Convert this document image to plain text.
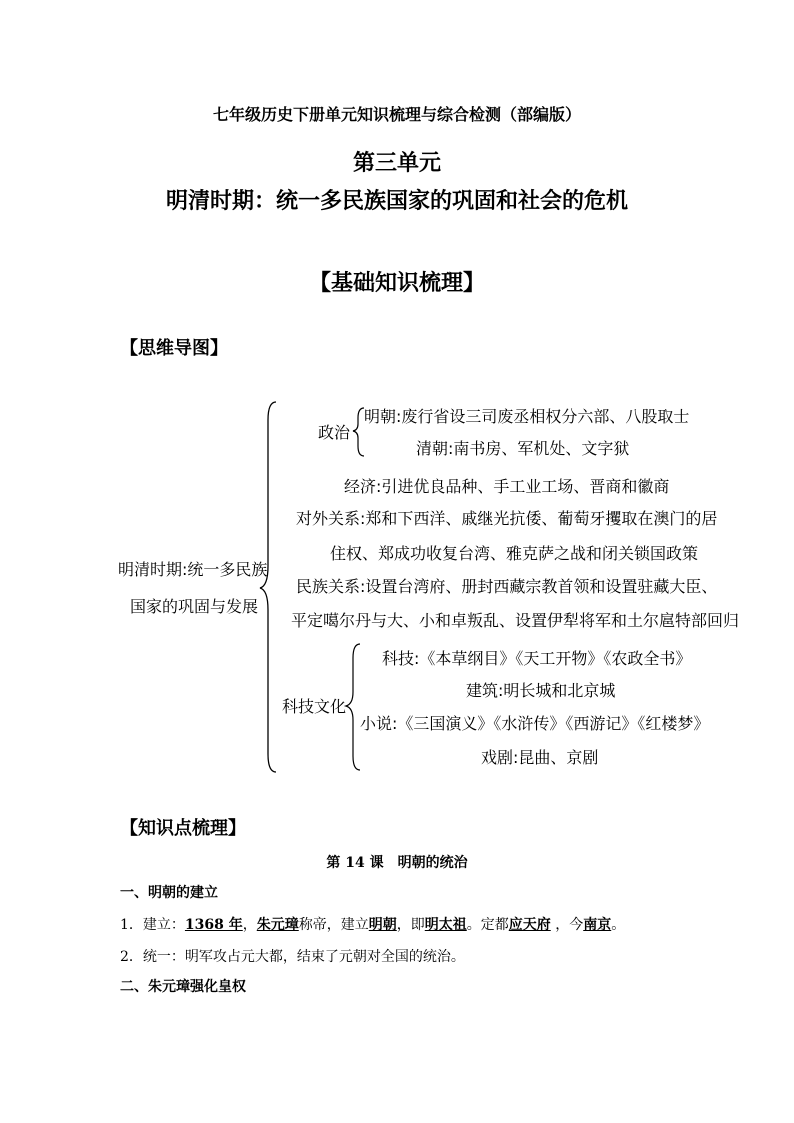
七年级历史下册单元知识梳理与综合检测（部编版）
第三单元
明清时期：统一多民族国家的巩固和社会的危机
【基础知识梳理】
【思维导图】
明清时期:统一多民族
国家的巩固与发展
政治
明朝:废行省设三司废丞相权分六部、八股取士
清朝:南书房、军机处、文字狱
经济:引进优良品种、手工业工场、晋商和徽商
对外关系:郑和下西洋、戚继光抗倭、葡萄牙攫取在澳门的居
住权、郑成功收复台湾、雅克萨之战和闭关锁国政策
民族关系:设置台湾府、册封西藏宗教首领和设置驻藏大臣、
平定噶尔丹与大、小和卓叛乱、设置伊犁将军和土尔扈特部回归
科技文化
科技:《本草纲目》《天工开物》《农政全书》
建筑:明长城和北京城
小说:《三国演义》《水浒传》《西游记》《红楼梦》
戏剧:昆曲、京剧
【知识点梳理】
第 14 课　明朝的统治
一、明朝的建立
1．建立：1368 年，朱元璋称帝，建立明朝，即明太祖。定都应天府 ，今南京。
2．统一：明军攻占元大都，结束了元朝对全国的统治。
二、朱元璋强化皇权
